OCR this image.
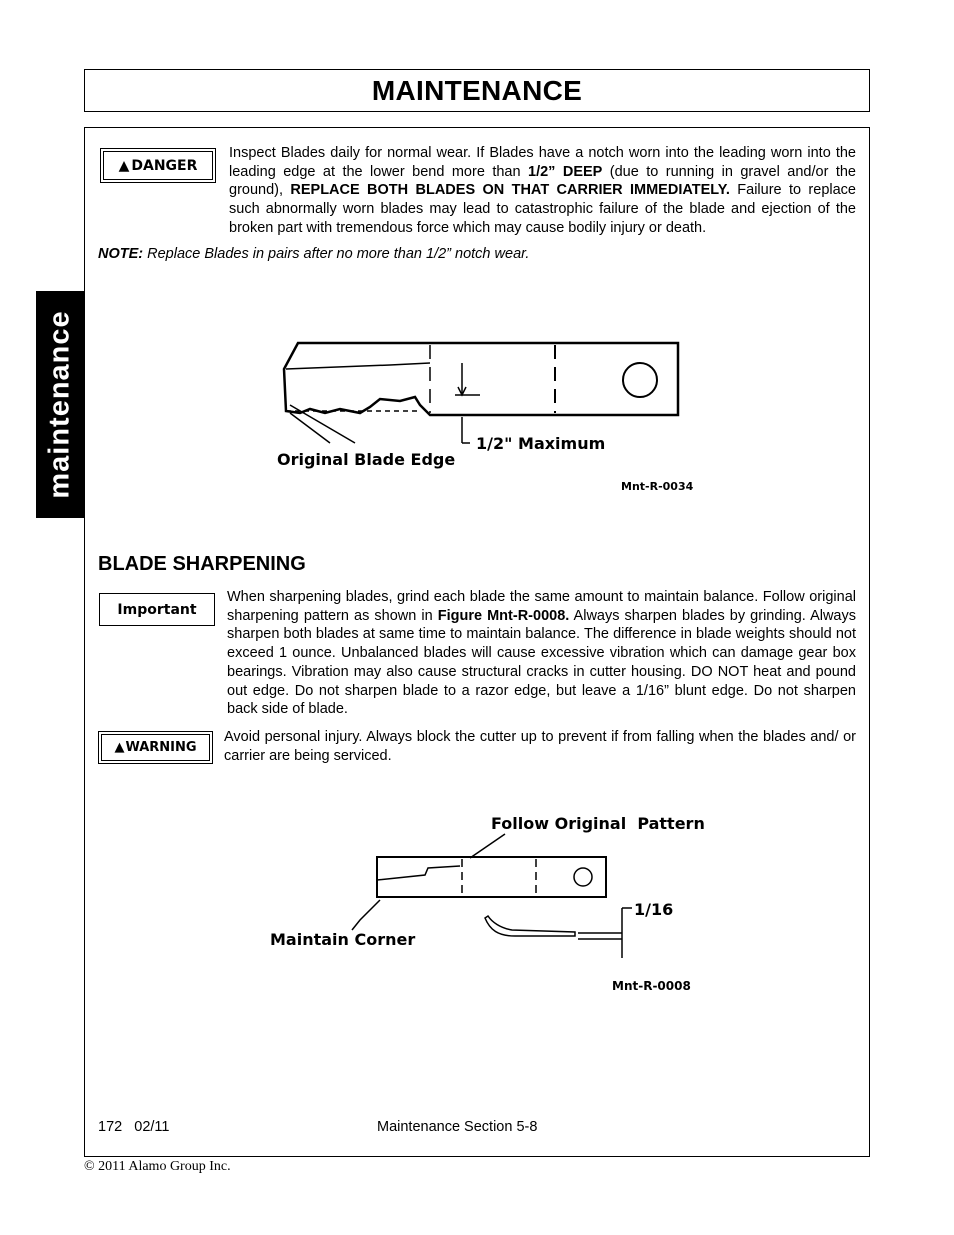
MAINTENANCE
maintenance
▲ DANGER
Inspect Blades daily for normal wear. If Blades have a notch worn into the leading worn into the leading edge at the lower bend more than 1/2” DEEP (due to running in gravel and/or the ground), REPLACE BOTH BLADES ON THAT CARRIER IMMEDIATELY. Failure to replace such abnormally worn blades may lead to catastrophic failure of the blade and ejection of the broken part with tremendous force which may cause bodily injury or death.
NOTE: Replace Blades in pairs after no more than 1/2” notch wear.
1/2" Maximum
Original Blade Edge
Mnt-R-0034
BLADE SHARPENING
Important
When sharpening blades, grind each blade the same amount to maintain balance. Follow original sharpening pattern as shown in Figure Mnt-R-0008. Always sharpen blades by grinding. Always sharpen both blades at same time to maintain balance. The difference in blade weights should not exceed 1 ounce. Unbalanced blades will cause excessive vibration which can damage gear box bearings. Vibration may also cause structural cracks in cutter housing. DO NOT heat and pound out edge. Do not sharpen blade to a razor edge, but leave a 1/16” blunt edge. Do not sharpen back side of blade.
▲ WARNING
Avoid personal injury. Always block the cutter up to prevent if from falling when the blades and/ or carrier are being serviced.
Follow Original  Pattern
1/16
Maintain Corner
Mnt-R-0008
172   02/11	Maintenance Section 5-8
© 2011 Alamo Group Inc.
